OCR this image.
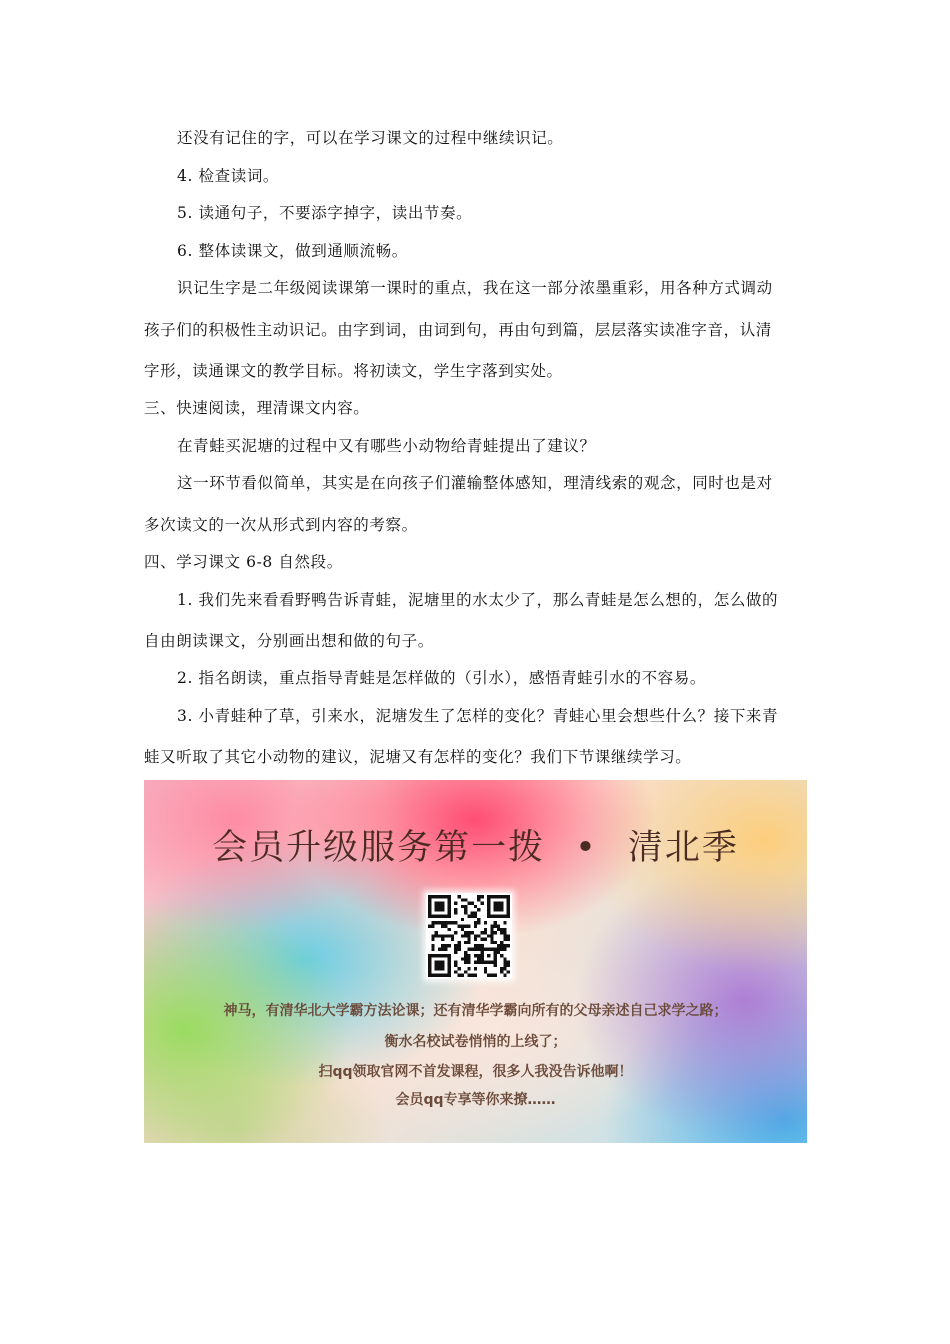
还没有记住的字，可以在学习课文的过程中继续识记。
4. 检查读词。
5. 读通句子，不要添字掉字，读出节奏。
6. 整体读课文，做到通顺流畅。
识记生字是二年级阅读课第一课时的重点，我在这一部分浓墨重彩，用各种方式调动
孩子们的积极性主动识记。由字到词，由词到句，再由句到篇，层层落实读准字音，认清
字形，读通课文的教学目标。将初读文，学生字落到实处。
三、快速阅读，理清课文内容。
在青蛙买泥塘的过程中又有哪些小动物给青蛙提出了建议？
这一环节看似简单，其实是在向孩子们灌输整体感知，理清线索的观念，同时也是对
多次读文的一次从形式到内容的考察。
四、学习课文 6-8 自然段。
1. 我们先来看看野鸭告诉青蛙，泥塘里的水太少了，那么青蛙是怎么想的，怎么做的
自由朗读课文，分别画出想和做的句子。
2. 指名朗读，重点指导青蛙是怎样做的（引水），感悟青蛙引水的不容易。
3. 小青蛙种了草，引来水，泥塘发生了怎样的变化？青蛙心里会想些什么？接下来青
蛙又听取了其它小动物的建议，泥塘又有怎样的变化？我们下节课继续学习。
会员升级服务第一拨 • 清北季
神马，有清华北大学霸方法论课；还有清华学霸向所有的父母亲述自己求学之路；
衡水名校试卷悄悄的上线了；
扫qq领取官网不首发课程，很多人我没告诉他啊！
会员qq专享等你来撩……
